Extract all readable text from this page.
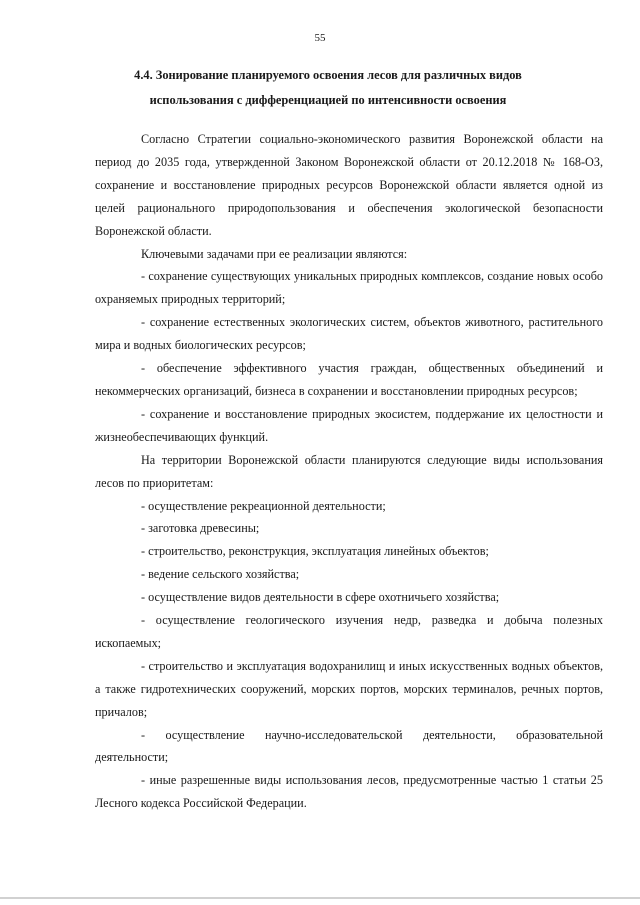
55
4.4. Зонирование планируемого освоения лесов для различных видов использования с дифференциацией по интенсивности освоения

Согласно Стратегии социально-экономического развития Воронежской области на период до 2035 года, утвержденной Законом Воронежской области от 20.12.2018 № 168-ОЗ, сохранение и восстановление природных ресурсов Воронежской области является одной из целей рационального природопользования и обеспечения экологической безопасности Воронежской области.

Ключевыми задачами при ее реализации являются:

- сохранение существующих уникальных природных комплексов, создание новых особо охраняемых природных территорий;

- сохранение естественных экологических систем, объектов животного, растительного мира и водных биологических ресурсов;

- обеспечение эффективного участия граждан, общественных объединений и некоммерческих организаций, бизнеса в сохранении и восстановлении природных ресурсов;

- сохранение и восстановление природных экосистем, поддержание их целостности и жизнеобеспечивающих функций.

На территории Воронежской области планируются следующие виды использования лесов по приоритетам:

- осуществление рекреационной деятельности;

- заготовка древесины;

- строительство, реконструкция, эксплуатация линейных объектов;

- ведение сельского хозяйства;

- осуществление видов деятельности в сфере охотничьего хозяйства;

- осуществление геологического изучения недр, разведка и добыча полезных ископаемых;

- строительство и эксплуатация водохранилищ и иных искусственных водных объектов, а также гидротехнических сооружений, морских портов, морских терминалов, речных портов, причалов;

- осуществление научно-исследовательской деятельности, образовательной деятельности;

- иные разрешенные виды использования лесов, предусмотренные частью 1 статьи 25 Лесного кодекса Российской Федерации.
